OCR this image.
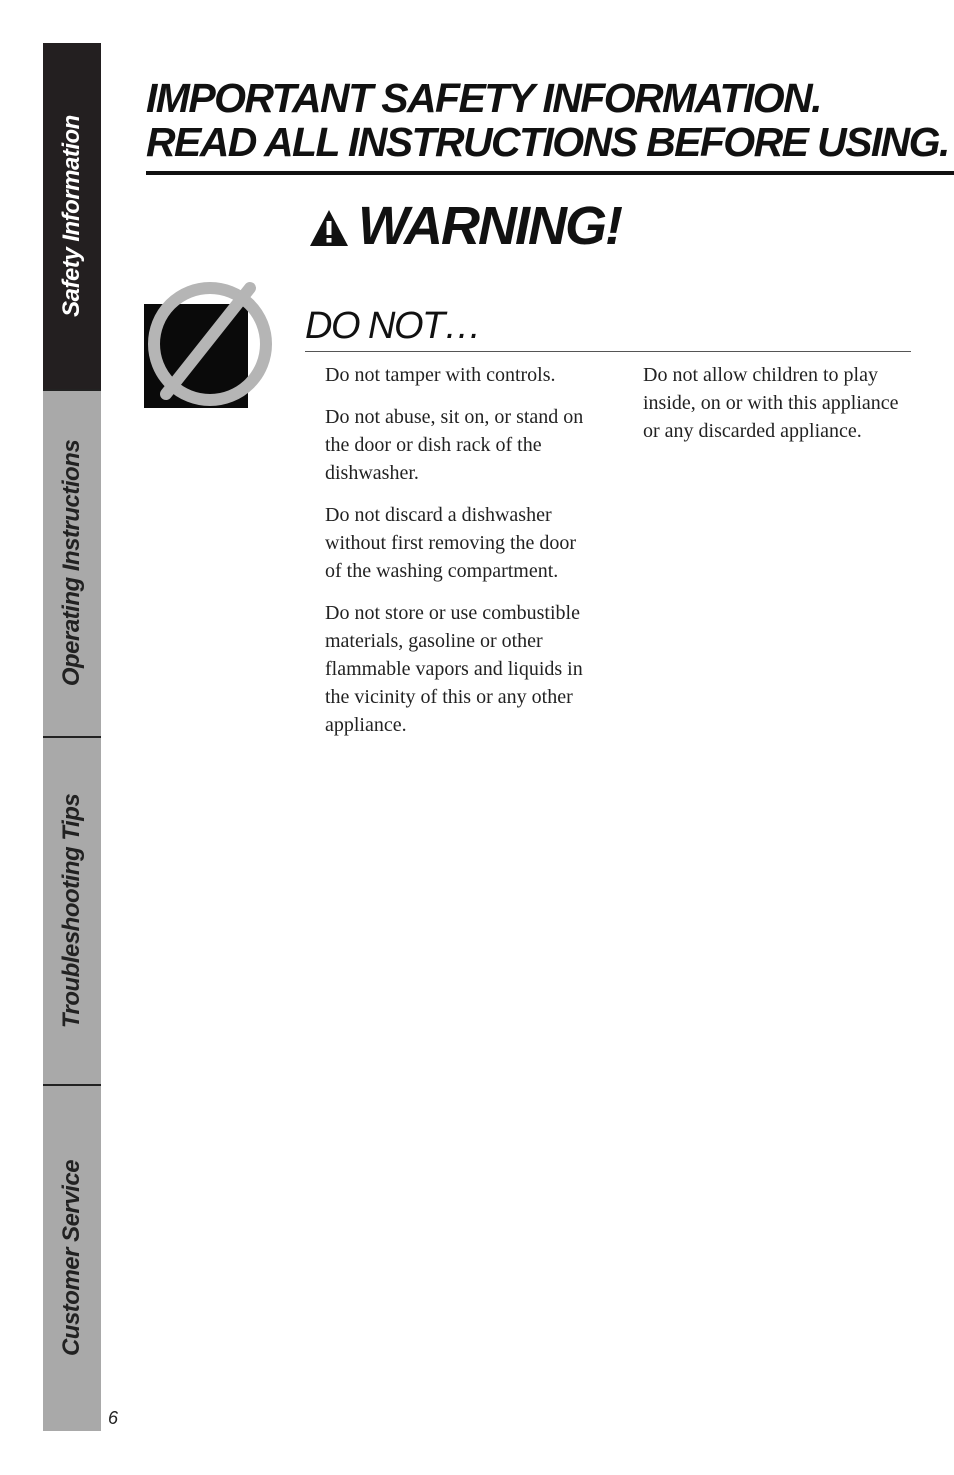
Safety Information
Operating Instructions
Troubleshooting Tips
Customer Service
6
IMPORTANT SAFETY INFORMATION.
READ ALL INSTRUCTIONS BEFORE USING.
WARNING!
DO NOT…

Do not tamper with controls.

Do not abuse, sit on, or stand on the door or dish rack of the dishwasher.

Do not discard a dishwasher without first removing the door of the washing compartment.

Do not store or use combustible materials, gasoline or other flammable vapors and liquids in the vicinity of this or any other appliance.

Do not allow children to play inside, on or with this appliance or any discarded appliance.
